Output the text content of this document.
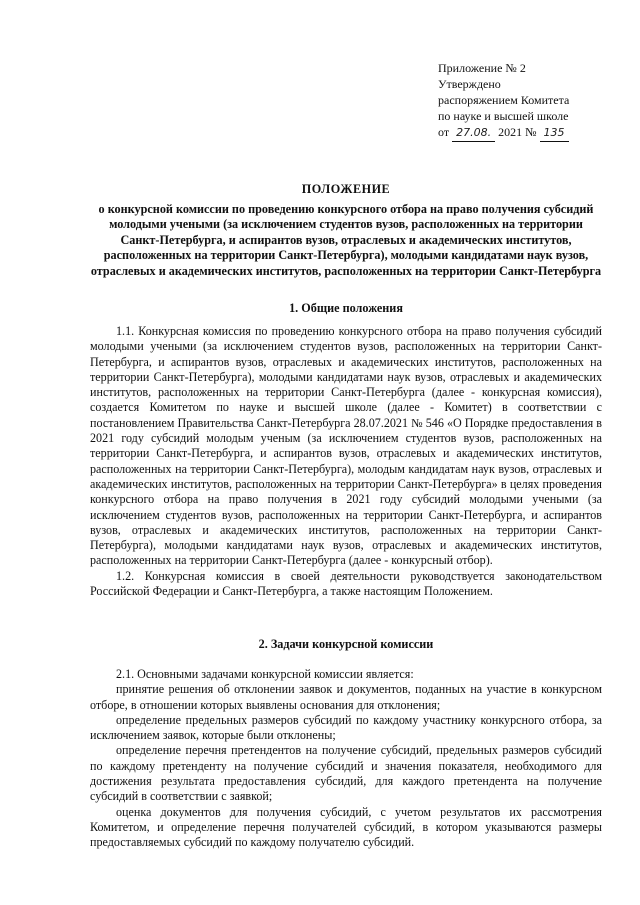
Приложение № 2
Утверждено
распоряжением Комитета
по науке и высшей школе
от 27.08. 2021 № 135
ПОЛОЖЕНИЕ
о конкурсной комиссии по проведению конкурсного отбора на право получения субсидий молодыми учеными (за исключением студентов вузов, расположенных на территории Санкт-Петербурга, и аспирантов вузов, отраслевых и академических институтов, расположенных на территории Санкт-Петербурга), молодыми кандидатами наук вузов, отраслевых и академических институтов, расположенных на территории Санкт-Петербурга
1. Общие положения

1.1. Конкурсная комиссия по проведению конкурсного отбора на право получения субсидий молодыми учеными (за исключением студентов вузов, расположенных на территории Санкт-Петербурга, и аспирантов вузов, отраслевых и академических институтов, расположенных на территории Санкт-Петербурга), молодыми кандидатами наук вузов, отраслевых и академических институтов, расположенных на территории Санкт-Петербурга (далее - конкурсная комиссия), создается Комитетом по науке и высшей школе (далее - Комитет) в соответствии с постановлением Правительства Санкт-Петербурга 28.07.2021 № 546 «О Порядке предоставления в 2021 году субсидий молодым ученым (за исключением студентов вузов, расположенных на территории Санкт-Петербурга, и аспирантов вузов, отраслевых и академических институтов, расположенных на территории Санкт-Петербурга), молодым кандидатам наук вузов, отраслевых и академических институтов, расположенных на территории Санкт-Петербурга» в целях проведения конкурсного отбора на право получения в 2021 году субсидий молодыми учеными (за исключением студентов вузов, расположенных на территории Санкт-Петербурга, и аспирантов вузов, отраслевых и академических институтов, расположенных на территории Санкт-Петербурга), молодыми кандидатами наук вузов, отраслевых и академических институтов, расположенных на территории Санкт-Петербурга (далее - конкурсный отбор).

1.2. Конкурсная комиссия в своей деятельности руководствуется законодательством Российской Федерации и Санкт-Петербурга, а также настоящим Положением.

2. Задачи конкурсной комиссии

2.1. Основными задачами конкурсной комиссии является:

принятие решения об отклонении заявок и документов, поданных на участие в конкурсном отборе, в отношении которых выявлены основания для отклонения;

определение предельных размеров субсидий по каждому участнику конкурсного отбора, за исключением заявок, которые были отклонены;

определение перечня претендентов на получение субсидий, предельных размеров субсидий по каждому претенденту на получение субсидий и значения показателя, необходимого для достижения результата предоставления субсидий, для каждого претендента на получение субсидий в соответствии с заявкой;

оценка документов для получения субсидий, с учетом результатов их рассмотрения Комитетом, и определение перечня получателей субсидий, в котором указываются размеры предоставляемых субсидий по каждому получателю субсидий.
